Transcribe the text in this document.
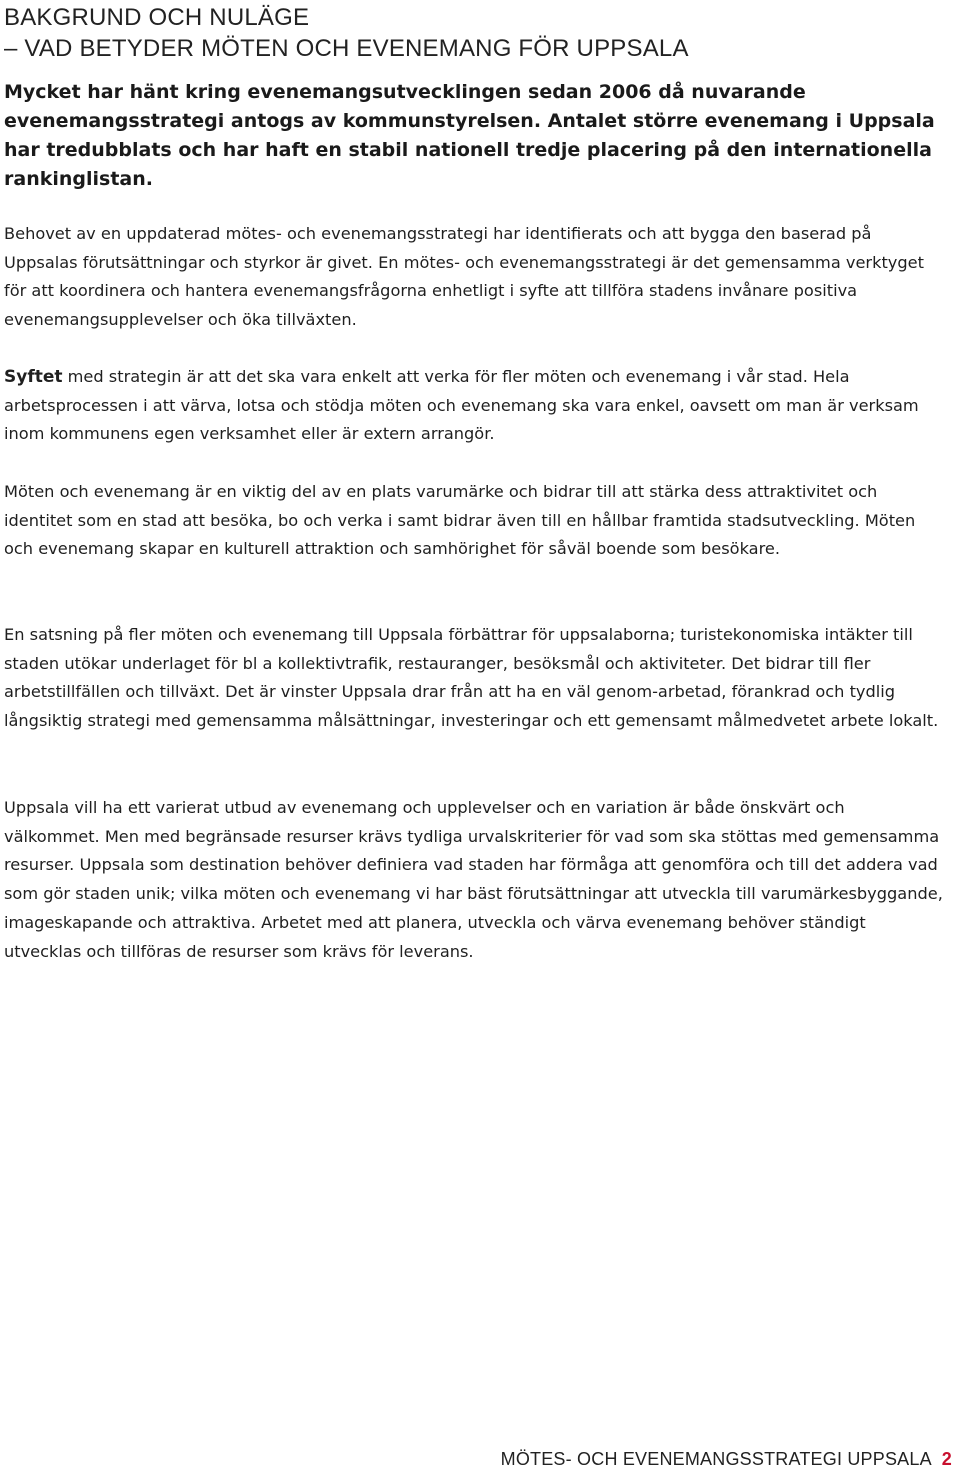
BAKGRUND OCH NULÄGE
– VAD BETYDER MÖTEN OCH EVENEMANG FÖR UPPSALA

Mycket har hänt kring evenemangsutvecklingen sedan 2006 då nuvarande evenemangsstrategi antogs av kommunstyrelsen. Antalet större evenemang i Uppsala har tredubblats och har haft en stabil nationell tredje placering på den internationella rankinglistan.

Behovet av en uppdaterad mötes- och evenemangsstrategi har identifierats och att bygga den baserad på Uppsalas förutsättningar och styrkor är givet. En mötes- och evenemangsstrategi är det gemensamma verktyget för att koordinera och hantera evenemangsfrågorna enhetligt i syfte att tillföra stadens invånare positiva evenemangsupplevelser och öka tillväxten.

Syftet med strategin är att det ska vara enkelt att verka för fler möten och evenemang i vår stad. Hela arbetsprocessen i att värva, lotsa och stödja möten och evenemang ska vara enkel, oavsett om man är verksam inom kommunens egen verksamhet eller är extern arrangör.

Möten och evenemang är en viktig del av en plats varumärke och bidrar till att stärka dess attraktivitet och identitet som en stad att besöka, bo och verka i samt bidrar även till en hållbar framtida stadsutveckling. Möten och evenemang skapar en kulturell attraktion och samhörighet för såväl boende som besökare.

En satsning på fler möten och evenemang till Uppsala förbättrar för uppsalaborna; turistekonomiska intäkter till staden utökar underlaget för bl a kollektivtrafik, restauranger, besöksmål och aktiviteter. Det bidrar till fler arbetstillfällen och tillväxt. Det är vinster Uppsala drar från att ha en väl genom-arbetad, förankrad och tydlig långsiktig strategi med gemensamma målsättningar, investeringar och ett gemensamt målmedvetet arbete lokalt.

Uppsala vill ha ett varierat utbud av evenemang och upplevelser och en variation är både önskvärt och välkommet. Men med begränsade resurser krävs tydliga urvalskriterier för vad som ska stöttas med gemensamma resurser. Uppsala som destination behöver definiera vad staden har förmåga att genomföra och till det addera vad som gör staden unik; vilka möten och evenemang vi har bäst förutsättningar att utveckla till varumärkesbyggande, imageskapande och attraktiva. Arbetet med att planera, utveckla och värva evenemang behöver ständigt utvecklas och tillföras de resurser som krävs för leverans.

MÖTES- OCH EVENEMANGSSTRATEGI UPPSALA 2
